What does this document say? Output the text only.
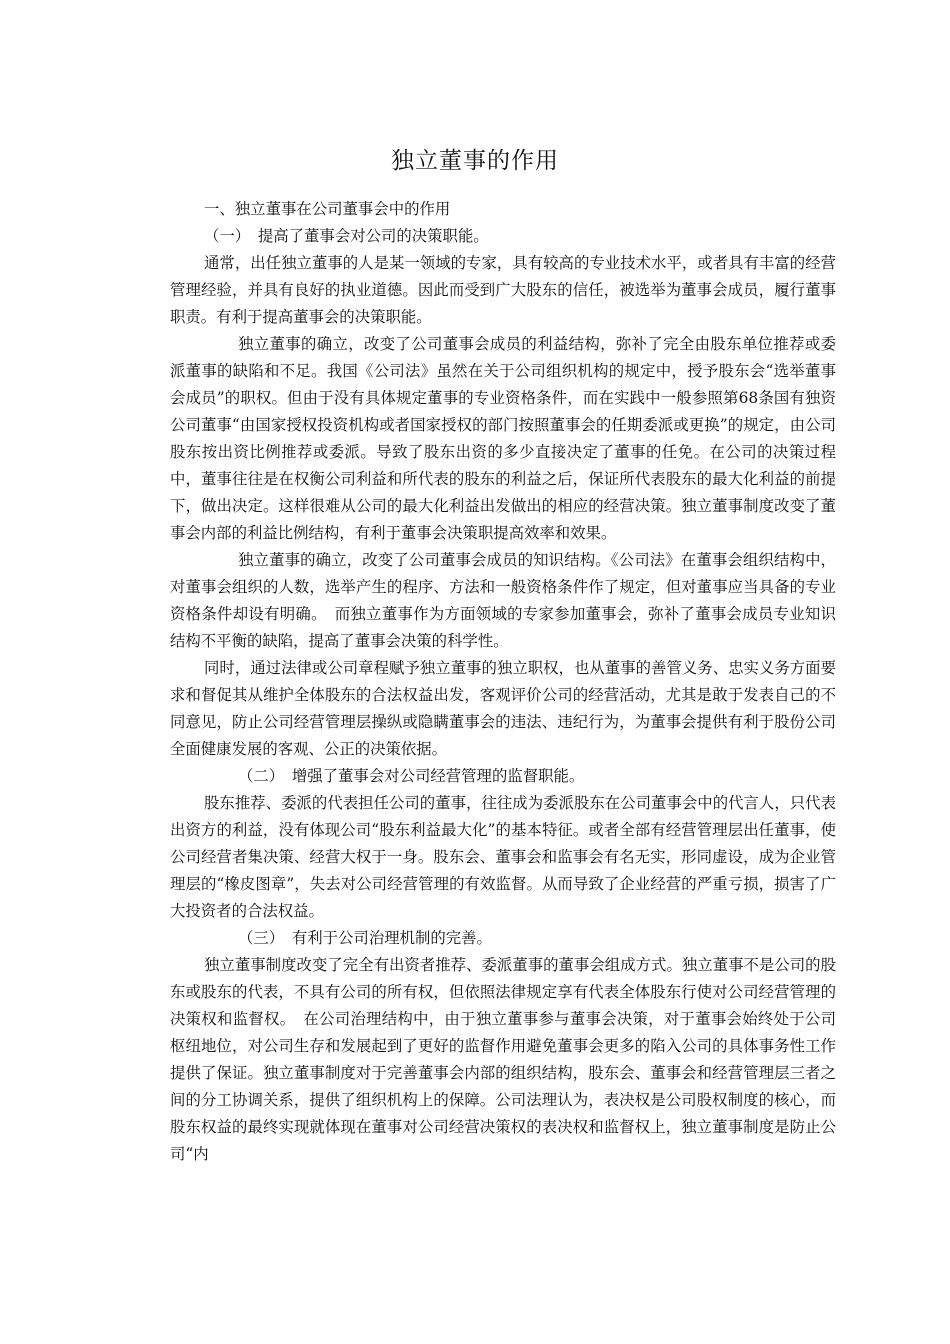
独立董事的作用

一、独立董事在公司董事会中的作用

（一）　提高了董事会对公司的决策职能。

通常，出任独立董事的人是某一领域的专家，具有较高的专业技术水平，或者具有丰富的经营管理经验，并具有良好的执业道德。因此而受到广大股东的信任，被选举为董事会成员，履行董事职责。有利于提高董事会的决策职能。

独立董事的确立，改变了公司董事会成员的利益结构，弥补了完全由股东单位推荐或委派董事的缺陷和不足。我国《公司法》虽然在关于公司组织机构的规定中，授予股东会“选举董事会成员”的职权。但由于没有具体规定董事的专业资格条件，而在实践中一般参照第68条国有独资公司董事“由国家授权投资机构或者国家授权的部门按照董事会的任期委派或更换”的规定，由公司股东按出资比例推荐或委派。导致了股东出资的多少直接决定了董事的任免。在公司的决策过程中，董事往往是在权衡公司利益和所代表的股东的利益之后，保证所代表股东的最大化利益的前提下，做出决定。这样很难从公司的最大化利益出发做出的相应的经营决策。独立董事制度改变了董事会内部的利益比例结构，有利于董事会决策职提高效率和效果。

独立董事的确立，改变了公司董事会成员的知识结构。《公司法》在董事会组织结构中，对董事会组织的人数，选举产生的程序、方法和一般资格条件作了规定，但对董事应当具备的专业资格条件却设有明确。　而独立董事作为方面领域的专家参加董事会，弥补了董事会成员专业知识结构不平衡的缺陷，提高了董事会决策的科学性。

同时，通过法律或公司章程赋予独立董事的独立职权，也从董事的善管义务、忠实义务方面要求和督促其从维护全体股东的合法权益出发，客观评价公司的经营活动，尤其是敢于发表自己的不同意见，防止公司经营管理层操纵或隐瞒董事会的违法、违纪行为，为董事会提供有利于股份公司全面健康发展的客观、公正的决策依据。

（二）　增强了董事会对公司经营管理的监督职能。

股东推荐、委派的代表担任公司的董事，往往成为委派股东在公司董事会中的代言人，只代表出资方的利益，没有体现公司“股东利益最大化”的基本特征。或者全部有经营管理层出任董事，使公司经营者集决策、经营大权于一身。股东会、董事会和监事会有名无实，形同虚设，成为企业管理层的“橡皮图章”，失去对公司经营管理的有效监督。从而导致了企业经营的严重亏损，损害了广大投资者的合法权益。

（三）　有利于公司治理机制的完善。

独立董事制度改变了完全有出资者推荐、委派董事的董事会组成方式。独立董事不是公司的股东或股东的代表，不具有公司的所有权，但依照法律规定享有代表全体股东行使对公司经营管理的决策权和监督权。　在公司治理结构中，由于独立董事参与董事会决策，对于董事会始终处于公司枢纽地位，对公司生存和发展起到了更好的监督作用避免董事会更多的陷入公司的具体事务性工作提供了保证。独立董事制度对于完善董事会内部的组织结构，股东会、董事会和经营管理层三者之间的分工协调关系，提供了组织机构上的保障。公司法理认为，表决权是公司股权制度的核心，而股东权益的最终实现就体现在董事对公司经营决策权的表决权和监督权上，独立董事制度是防止公司“内
